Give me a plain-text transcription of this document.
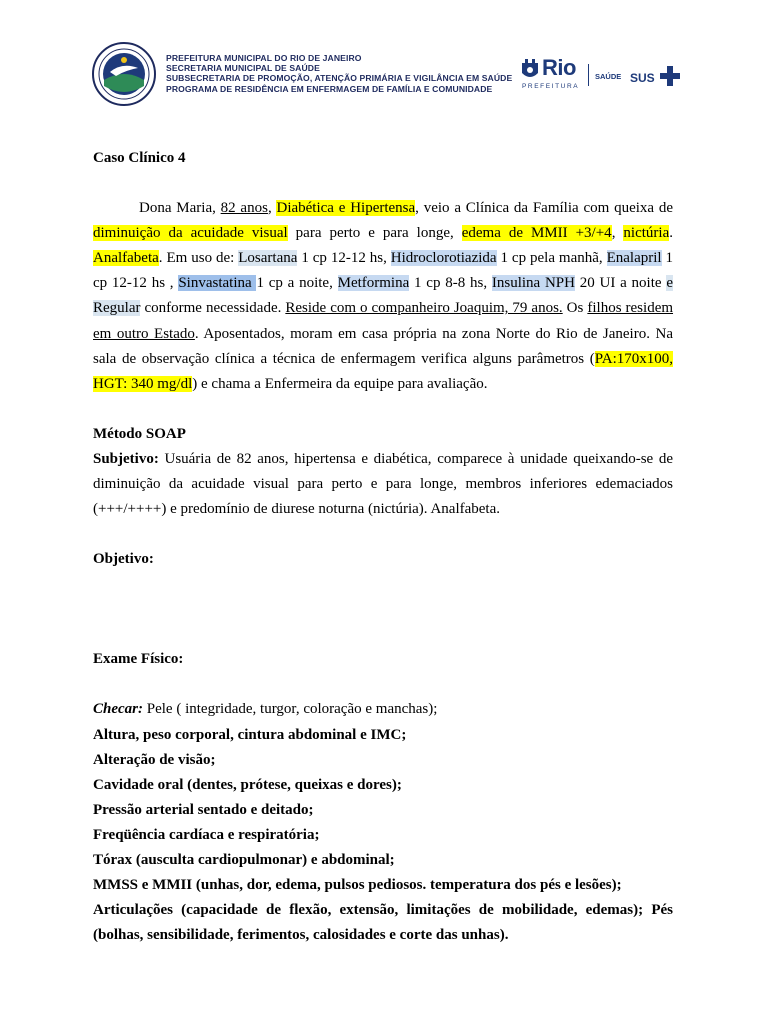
PREFEITURA MUNICIPAL DO RIO DE JANEIRO
SECRETARIA MUNICIPAL DE SAÚDE
SUBSECRETARIA DE PROMOÇÃO, ATENÇÃO PRIMÁRIA E VIGILÂNCIA EM SAÚDE
PROGRAMA DE RESIDÊNCIA EM ENFERMAGEM DE FAMÍLIA E COMUNIDADE
Rio
PREFEITURA
SAÚDE SUS

Caso Clínico 4

Dona Maria, 82 anos, Diabética e Hipertensa, veio a Clínica da Família com queixa de diminuição da acuidade visual para perto e para longe, edema de MMII +3/+4, nictúria. Analfabeta. Em uso de: Losartana 1 cp 12-12 hs, Hidroclorotiazida 1 cp pela manhã, Enalapril 1 cp 12-12 hs , Sinvastatina 1 cp a noite, Metformina 1 cp 8-8 hs, Insulina NPH 20 UI a noite e Regular conforme necessidade. Reside com o companheiro Joaquim, 79 anos. Os filhos residem em outro Estado. Aposentados, moram em casa própria na zona Norte do Rio de Janeiro. Na sala de observação clínica a técnica de enfermagem verifica alguns parâmetros (PA:170x100, HGT: 340 mg/dl) e chama a Enfermeira da equipe para avaliação.

Método SOAP

Subjetivo: Usuária de 82 anos, hipertensa e diabética, comparece à unidade queixando-se de diminuição da acuidade visual para perto e para longe, membros inferiores edemaciados (+++/++++) e predomínio de diurese noturna (nictúria). Analfabeta.

Objetivo:

Exame Físico:

Checar: Pele ( integridade, turgor, coloração e manchas);

Altura, peso corporal, cintura abdominal e IMC;

Alteração de visão;

Cavidade oral (dentes, prótese, queixas e dores);

Pressão arterial sentado e deitado;

Freqüência cardíaca e respiratória;

Tórax (ausculta cardiopulmonar) e abdominal;

MMSS e MMII (unhas, dor, edema, pulsos pediosos. temperatura dos pés e lesões);

Articulações (capacidade de flexão, extensão, limitações de mobilidade, edemas); Pés (bolhas, sensibilidade, ferimentos, calosidades e corte das unhas).
